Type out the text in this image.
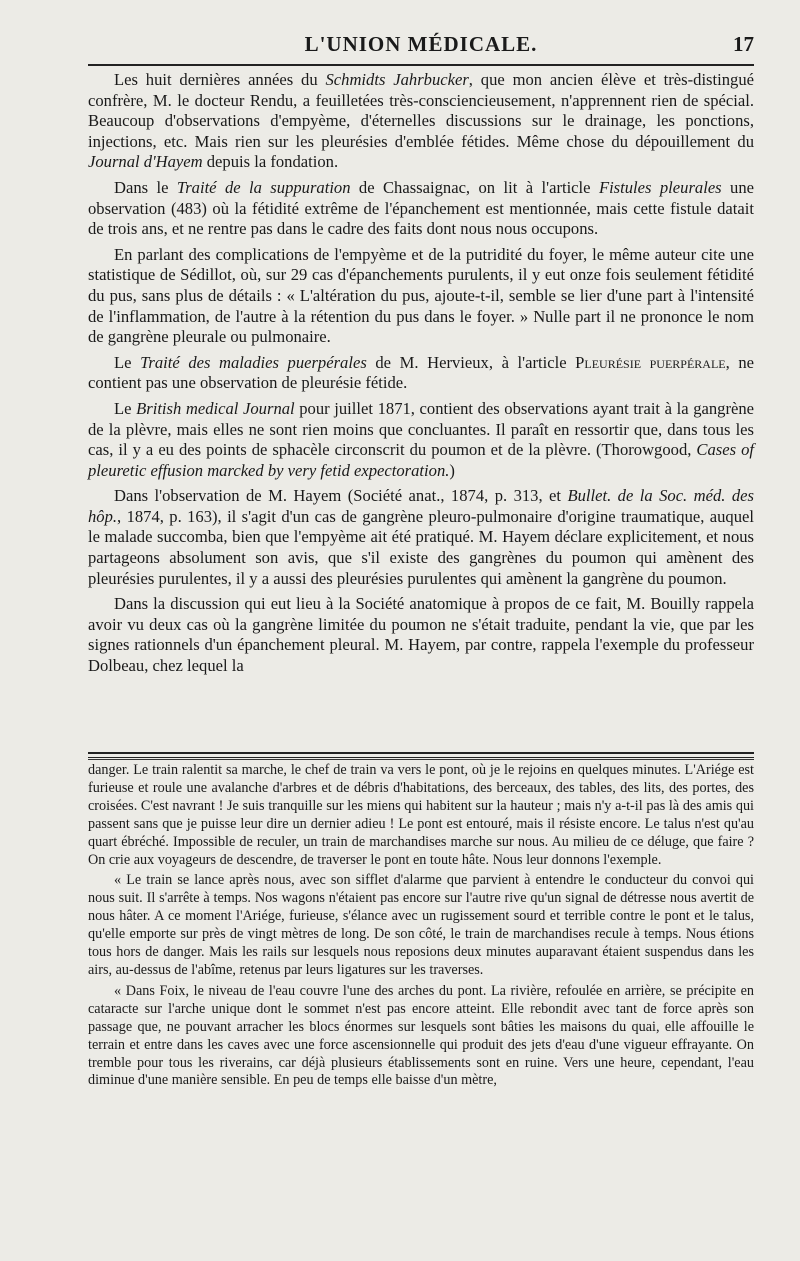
L'UNION MÉDICALE.	17

Les huit dernières années du Schmidts Jahrbucker, que mon ancien élève et très-distingué confrère, M. le docteur Rendu, a feuilletées très-consciencieusement, n'apprennent rien de spécial. Beaucoup d'observations d'empyème, d'éternelles discussions sur le drainage, les ponctions, injections, etc. Mais rien sur les pleurésies d'emblée fétides. Même chose du dépouillement du Journal d'Hayem depuis la fondation.

Dans le Traité de la suppuration de Chassaignac, on lit à l'article Fistules pleurales une observation (483) où la fétidité extrême de l'épanchement est mentionnée, mais cette fistule datait de trois ans, et ne rentre pas dans le cadre des faits dont nous nous occupons.

En parlant des complications de l'empyème et de la putridité du foyer, le même auteur cite une statistique de Sédillot, où, sur 29 cas d'épanchements purulents, il y eut onze fois seulement fétidité du pus, sans plus de détails : « L'altération du pus, ajoute-t-il, semble se lier d'une part à l'intensité de l'inflammation, de l'autre à la rétention du pus dans le foyer. » Nulle part il ne prononce le nom de gangrène pleurale ou pulmonaire.

Le Traité des maladies puerpérales de M. Hervieux, à l'article Pleurésie puerpérale, ne contient pas une observation de pleurésie fétide.

Le British medical Journal pour juillet 1871, contient des observations ayant trait à la gangrène de la plèvre, mais elles ne sont rien moins que concluantes. Il paraît en ressortir que, dans tous les cas, il y a eu des points de sphacèle circonscrit du poumon et de la plèvre. (Thorowgood, Cases of pleuretic effusion marcked by very fetid expectoration.)

Dans l'observation de M. Hayem (Société anat., 1874, p. 313, et Bullet. de la Soc. méd. des hôp., 1874, p. 163), il s'agit d'un cas de gangrène pleuro-pulmonaire d'origine traumatique, auquel le malade succomba, bien que l'empyème ait été pratiqué. M. Hayem déclare explicitement, et nous partageons absolument son avis, que s'il existe des gangrènes du poumon qui amènent des pleurésies purulentes, il y a aussi des pleurésies purulentes qui amènent la gangrène du poumon.

Dans la discussion qui eut lieu à la Société anatomique à propos de ce fait, M. Bouilly rappela avoir vu deux cas où la gangrène limitée du poumon ne s'était traduite, pendant la vie, que par les signes rationnels d'un épanchement pleural. M. Hayem, par contre, rappela l'exemple du professeur Dolbeau, chez lequel la

danger. Le train ralentit sa marche, le chef de train va vers le pont, où je le rejoins en quelques minutes. L'Ariége est furieuse et roule une avalanche d'arbres et de débris d'habitations, des berceaux, des tables, des lits, des portes, des croisées. C'est navrant ! Je suis tranquille sur les miens qui habitent sur la hauteur ; mais n'y a-t-il pas là des amis qui passent sans que je puisse leur dire un dernier adieu ! Le pont est entouré, mais il résiste encore. Le talus n'est qu'au quart ébréché. Impossible de reculer, un train de marchandises marche sur nous. Au milieu de ce déluge, que faire ? On crie aux voyageurs de descendre, de traverser le pont en toute hâte. Nous leur donnons l'exemple.

« Le train se lance après nous, avec son sifflet d'alarme que parvient à entendre le conducteur du convoi qui nous suit. Il s'arrête à temps. Nos wagons n'étaient pas encore sur l'autre rive qu'un signal de détresse nous avertit de nous hâter. A ce moment l'Ariége, furieuse, s'élance avec un rugissement sourd et terrible contre le pont et le talus, qu'elle emporte sur près de vingt mètres de long. De son côté, le train de marchandises recule à temps. Nous étions tous hors de danger. Mais les rails sur lesquels nous reposions deux minutes auparavant étaient suspendus dans les airs, au-dessus de l'abîme, retenus par leurs ligatures sur les traverses.

« Dans Foix, le niveau de l'eau couvre l'une des arches du pont. La rivière, refoulée en arrière, se précipite en cataracte sur l'arche unique dont le sommet n'est pas encore atteint. Elle rebondit avec tant de force après son passage que, ne pouvant arracher les blocs énormes sur lesquels sont bâties les maisons du quai, elle affouille le terrain et entre dans les caves avec une force ascensionnelle qui produit des jets d'eau d'une vigueur effrayante. On tremble pour tous les riverains, car déjà plusieurs établissements sont en ruine. Vers une heure, cependant, l'eau diminue d'une manière sensible. En peu de temps elle baisse d'un mètre,
